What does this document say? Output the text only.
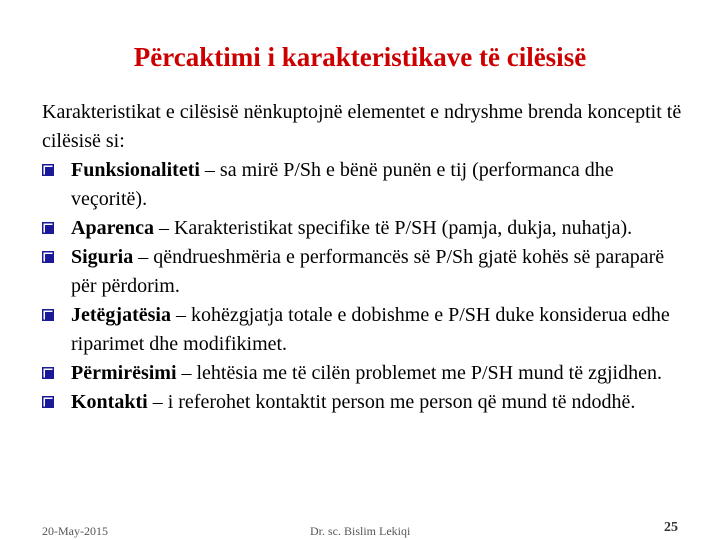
Përcaktimi i karakteristikave të cilësisë

Karakteristikat e cilësisë nënkuptojnë elementet e ndryshme brenda konceptit të cilësisë si:

Funksionaliteti – sa mirë P/Sh e bënë punën e tij (performanca dhe veçoritë).
Aparenca – Karakteristikat specifike të P/SH (pamja, dukja, nuhatja).
Siguria – qëndrueshmëria e performancës së P/Sh gjatë kohës së paraparë për përdorim.
Jetëgjatësia – kohëzgjatja totale e dobishme e P/SH duke konsiderua edhe riparimet dhe modifikimet.
Përmirësimi – lehtësia me të cilën problemet me P/SH mund të zgjidhen.
Kontakti – i referohet kontaktit person me person që mund të ndodhë.
20-May-2015	Dr. sc. Bislim Lekiqi	25
